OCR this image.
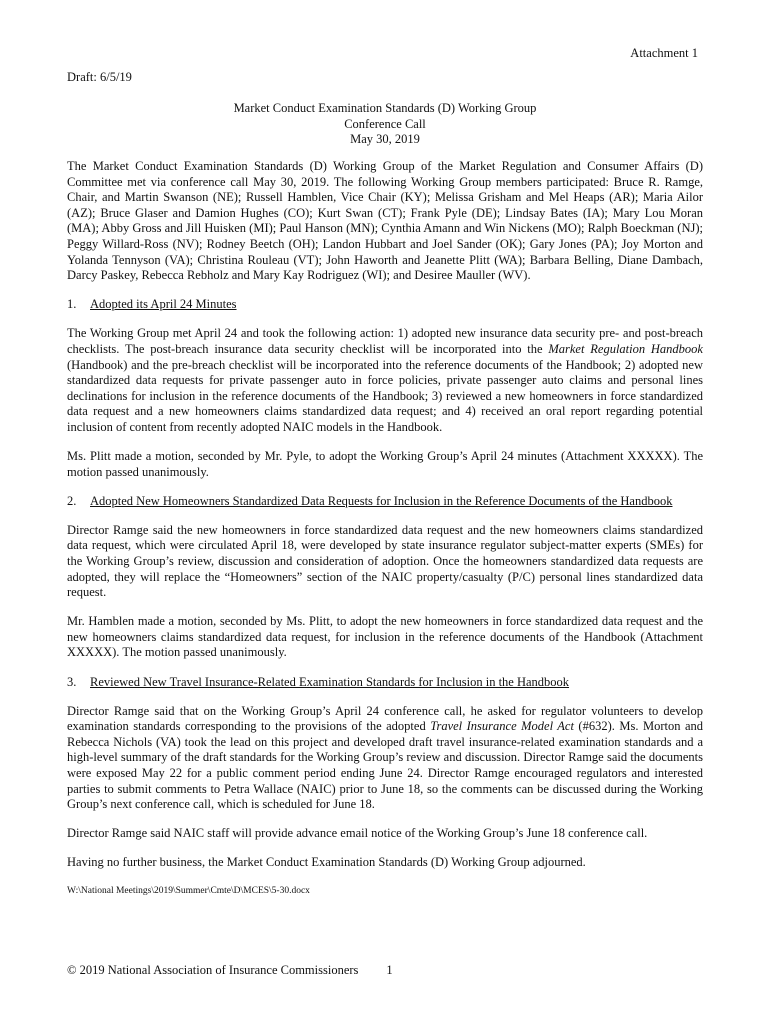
Attachment 1
Draft: 6/5/19
Market Conduct Examination Standards (D) Working Group
Conference Call
May 30, 2019

The Market Conduct Examination Standards (D) Working Group of the Market Regulation and Consumer Affairs (D) Committee met via conference call May 30, 2019. The following Working Group members participated: Bruce R. Ramge, Chair, and Martin Swanson (NE); Russell Hamblen, Vice Chair (KY); Melissa Grisham and Mel Heaps (AR); Maria Ailor (AZ); Bruce Glaser and Damion Hughes (CO); Kurt Swan (CT); Frank Pyle (DE); Lindsay Bates (IA); Mary Lou Moran (MA); Abby Gross and Jill Huisken (MI); Paul Hanson (MN); Cynthia Amann and Win Nickens (MO); Ralph Boeckman (NJ); Peggy Willard-Ross (NV); Rodney Beetch (OH); Landon Hubbart and Joel Sander (OK); Gary Jones (PA); Joy Morton and Yolanda Tennyson (VA); Christina Rouleau (VT); John Haworth and Jeanette Plitt (WA); Barbara Belling, Diane Dambach, Darcy Paskey, Rebecca Rebholz and Mary Kay Rodriguez (WI); and Desiree Mauller (WV).

1.	Adopted its April 24 Minutes

The Working Group met April 24 and took the following action: 1) adopted new insurance data security pre- and post-breach checklists. The post-breach insurance data security checklist will be incorporated into the Market Regulation Handbook (Handbook) and the pre-breach checklist will be incorporated into the reference documents of the Handbook; 2) adopted new standardized data requests for private passenger auto in force policies, private passenger auto claims and personal lines declinations for inclusion in the reference documents of the Handbook; 3) reviewed a new homeowners in force standardized data request and a new homeowners claims standardized data request; and 4) received an oral report regarding potential inclusion of content from recently adopted NAIC models in the Handbook.

Ms. Plitt made a motion, seconded by Mr. Pyle, to adopt the Working Group’s April 24 minutes (Attachment XXXXX). The motion passed unanimously.

2.	Adopted New Homeowners Standardized Data Requests for Inclusion in the Reference Documents of the Handbook

Director Ramge said the new homeowners in force standardized data request and the new homeowners claims standardized data request, which were circulated April 18, were developed by state insurance regulator subject-matter experts (SMEs) for the Working Group’s review, discussion and consideration of adoption. Once the homeowners standardized data requests are adopted, they will replace the “Homeowners” section of the NAIC property/casualty (P/C) personal lines standardized data request.

Mr. Hamblen made a motion, seconded by Ms. Plitt, to adopt the new homeowners in force standardized data request and the new homeowners claims standardized data request, for inclusion in the reference documents of the Handbook (Attachment XXXXX). The motion passed unanimously.

3.	Reviewed New Travel Insurance-Related Examination Standards for Inclusion in the Handbook

Director Ramge said that on the Working Group’s April 24 conference call, he asked for regulator volunteers to develop examination standards corresponding to the provisions of the adopted Travel Insurance Model Act (#632). Ms. Morton and Rebecca Nichols (VA) took the lead on this project and developed draft travel insurance-related examination standards and a high-level summary of the draft standards for the Working Group’s review and discussion. Director Ramge said the documents were exposed May 22 for a public comment period ending June 24. Director Ramge encouraged regulators and interested parties to submit comments to Petra Wallace (NAIC) prior to June 18, so the comments can be discussed during the Working Group’s next conference call, which is scheduled for June 18.

Director Ramge said NAIC staff will provide advance email notice of the Working Group’s June 18 conference call.

Having no further business, the Market Conduct Examination Standards (D) Working Group adjourned.

W:\National Meetings\2019\Summer\Cmte\D\MCES\5-30.docx
© 2019 National Association of Insurance Commissioners 1
